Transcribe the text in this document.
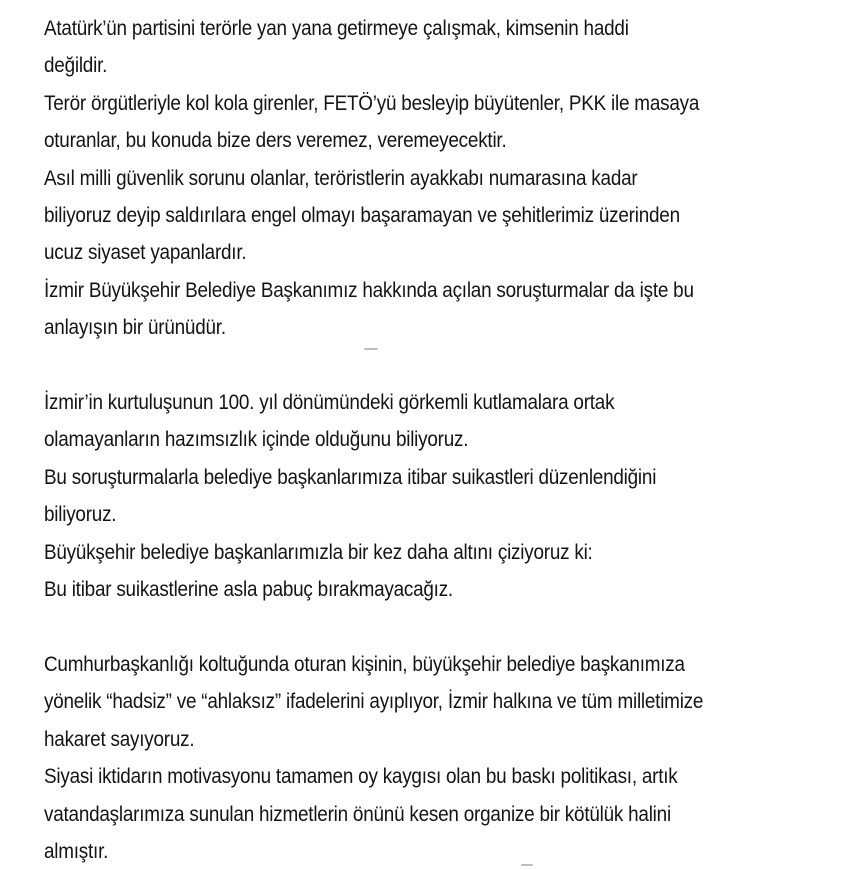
Atatürk’ün partisini terörle yan yana getirmeye çalışmak, kimsenin haddi
değildir.
Terör örgütleriyle kol kola girenler, FETÖ’yü besleyip büyütenler, PKK ile masaya
oturanlar, bu konuda bize ders veremez, veremeyecektir.
Asıl milli güvenlik sorunu olanlar, teröristlerin ayakkabı numarasına kadar
biliyoruz deyip saldırılara engel olmayı başaramayan ve şehitlerimiz üzerinden
ucuz siyaset yapanlardır.
İzmir Büyükşehir Belediye Başkanımız hakkında açılan soruşturmalar da işte bu
anlayışın bir ürünüdür.

İzmir’in kurtuluşunun 100. yıl dönümündeki görkemli kutlamalara ortak
olamayanların hazımsızlık içinde olduğunu biliyoruz.
Bu soruşturmalarla belediye başkanlarımıza itibar suikastleri düzenlendiğini
biliyoruz.
Büyükşehir belediye başkanlarımızla bir kez daha altını çiziyoruz ki:
Bu itibar suikastlerine asla pabuç bırakmayacağız.

Cumhurbaşkanlığı koltuğunda oturan kişinin, büyükşehir belediye başkanımıza
yönelik “hadsiz” ve “ahlaksız” ifadelerini ayıplıyor, İzmir halkına ve tüm milletimize
hakaret sayıyoruz.
Siyasi iktidarın motivasyonu tamamen oy kaygısı olan bu baskı politikası, artık
vatandaşlarımıza sunulan hizmetlerin önünü kesen organize bir kötülük halini
almıştır.
